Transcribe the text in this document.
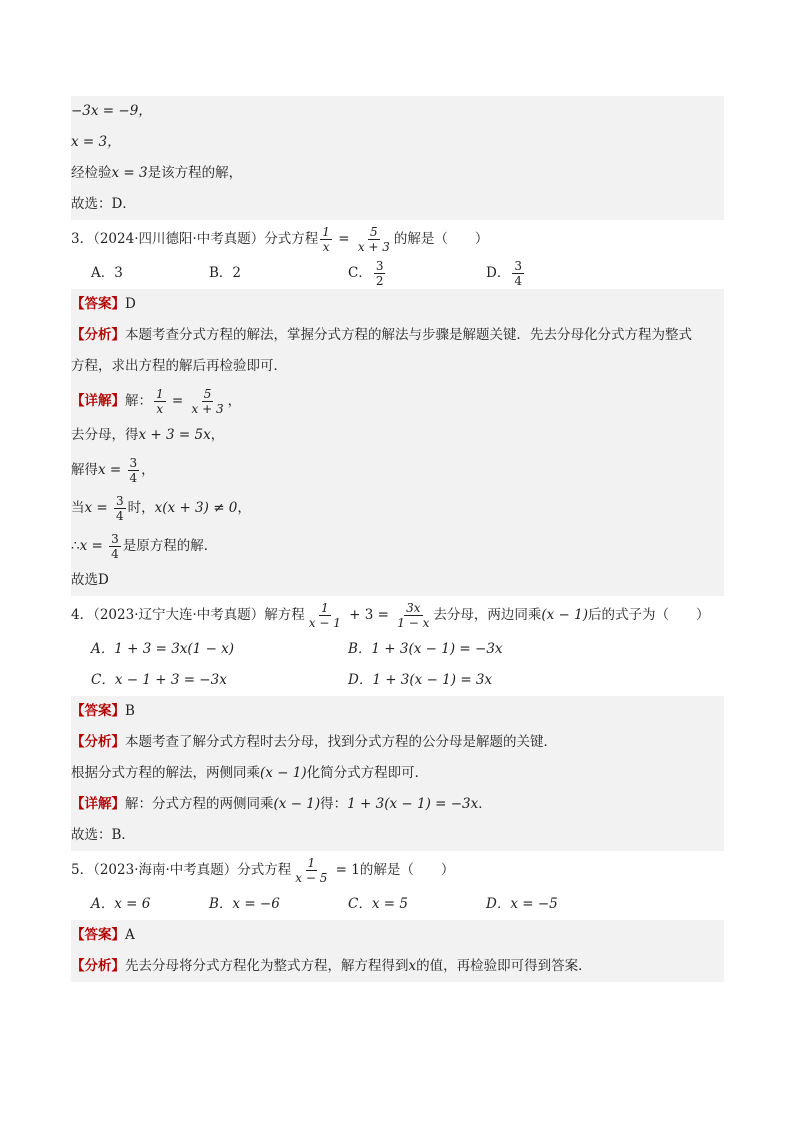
−3x = −9，
x = 3，
经检验x = 3是该方程的解，
故选：D．
3．（2024·四川德阳·中考真题）分式方程 $\frac{1}{x} = \frac{5}{x + 3}$ 的解是（　　）
A．3	B．2	C． $\frac{3}{2}$	D． $\frac{3}{4}$
【答案】D
【分析】本题考查分式方程的解法，掌握分式方程的解法与步骤是解题关键．先去分母化分式方程为整式
方程，求出方程的解后再检验即可．
【详解】解： $\frac{1}{x} = \frac{5}{x + 3}$ ，
去分母，得x + 3 = 5x，
解得$x = \frac{3}{4}$ ，
当$x = \frac{3}{4}$ 时，x(x + 3) ≠ 0，
∴x = $\frac{3}{4}$ 是原方程的解．
故选D
4．（2023·辽宁大连·中考真题）解方程 $\frac{1}{x - 1} + 3 = \frac{3x}{1 - x}$ 去分母，两边同乘(x − 1)后的式子为（　　）
A．1 + 3 = 3x(1 − x)	B．1 + 3(x − 1) = −3x
C．x − 1 + 3 = −3x	D．1 + 3(x − 1) = 3x
【答案】B
【分析】本题考查了解分式方程时去分母，找到分式方程的公分母是解题的关键．
根据分式方程的解法，两侧同乘(x − 1)化简分式方程即可．
【详解】解：分式方程的两侧同乘(x − 1)得：1 + 3(x − 1) = −3x．
故选：B．
5．（2023·海南·中考真题）分式方程 $\frac{1}{x - 5} = 1$的解是（　　）
A．x = 6	B．x = −6	C．x = 5	D．x = −5
【答案】A
【分析】先去分母将分式方程化为整式方程，解方程得到x的值，再检验即可得到答案．
